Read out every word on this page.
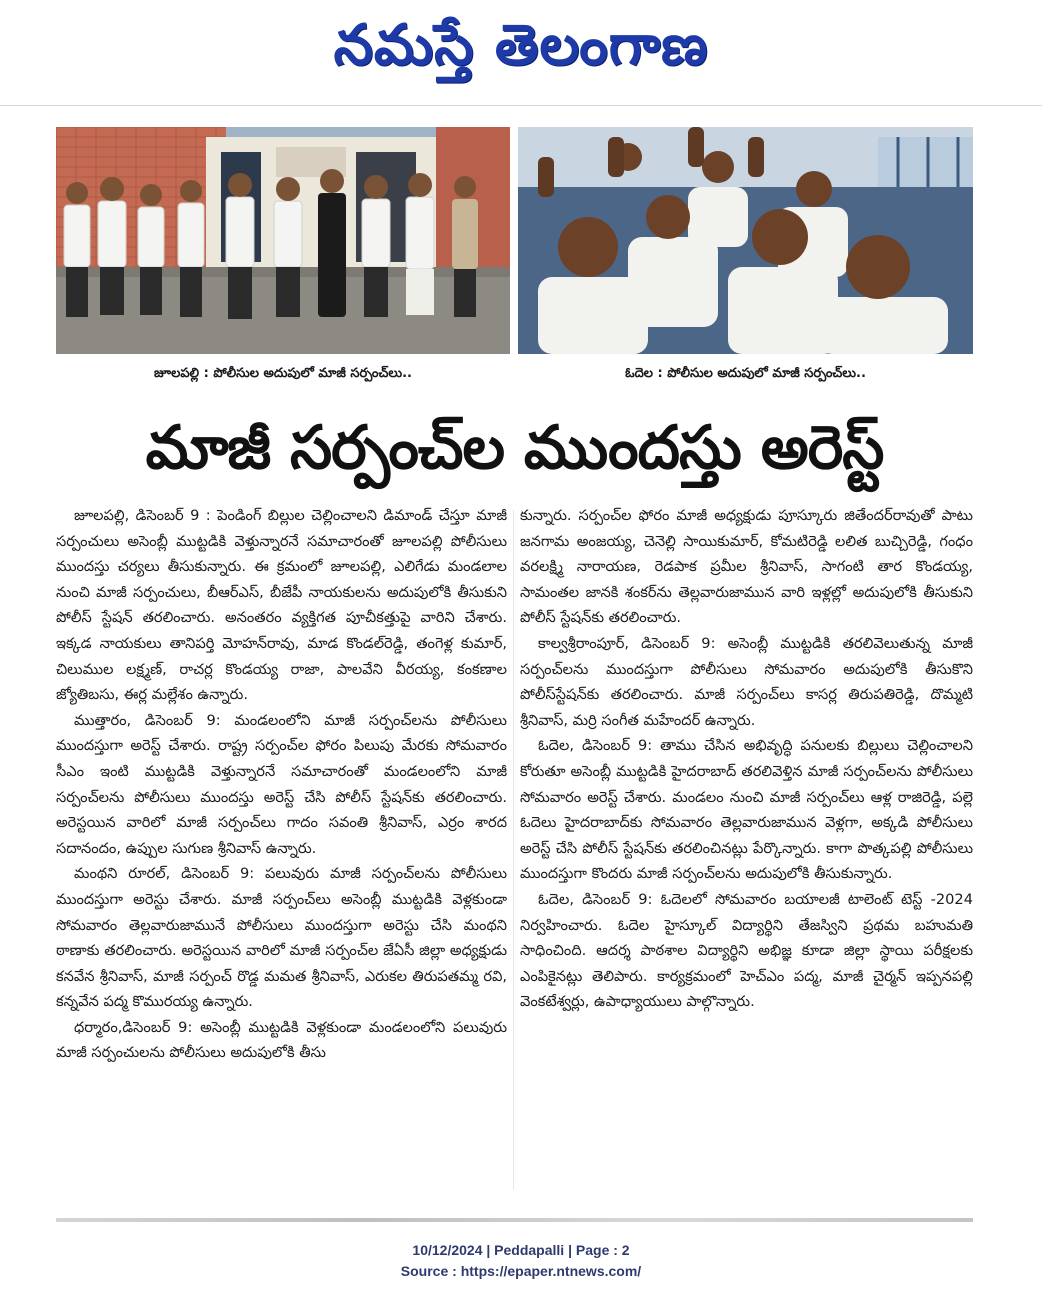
నమస్తే తెలంగాణ
జూలపల్లి : పోలీసుల అదుపులో మాజీ సర్పంచ్‌లు..	ఓదెల : పోలీసుల అదుపులో మాజీ సర్పంచ్‌లు..
మాజీ సర్పంచ్‌ల ముందస్తు అరెస్ట్‌

జూలపల్లి, డిసెంబర్‌ 9 : పెండింగ్‌ బిల్లుల చెల్లించాలని డిమాండ్‌ చేస్తూ మాజీ సర్పంచులు అసెంబ్లీ ముట్టడికి వెళ్తున్నారనే సమాచారంతో జూలపల్లి పోలీసులు ముందస్తు చర్యలు తీసుకున్నారు. ఈ క్రమంలో జూలపల్లి, ఎలిగేడు మండలాల నుంచి మాజీ సర్పంచులు, బీఆర్‌ఎస్‌, బీజేపీ నాయకులను అదుపులోకి తీసుకుని పోలీస్‌ స్టేషన్‌ తరలించారు. అనంతరం వ్యక్తిగత పూచీకత్తుపై వారిని చేశారు. ఇక్కడ నాయకులు తానిపర్తి మోహన్‌రావు, మాడ కొండల్‌రెడ్డి, తంగెళ్ల కుమార్‌, చిలుముల లక్ష్మణ్‌, రాచర్ల కొండయ్య రాజా, పాలవేని వీరయ్య, కంకణాల జ్యోతిబసు, ఈర్ల మల్లేశం ఉన్నారు.

ముత్తారం, డిసెంబర్‌ 9: మండలంలోని మాజీ సర్పంచ్‌లను పోలీసులు ముందస్తుగా అరెస్ట్‌ చేశారు. రాష్ట్ర సర్పంచ్‌ల ఫోరం పిలుపు మేరకు సోమవారం సీఎం ఇంటి ముట్టడికి వెళ్తున్నారనే సమాచారంతో మండలంలోని మాజీ సర్పంచ్‌లను పోలీసులు ముందస్తు అరెస్ట్‌ చేసి పోలీస్‌ స్టేషన్‌కు తరలించారు. అరెస్టయిన వారిలో మాజీ సర్పంచ్‌లు గాదం సవంతి శ్రీనివాస్‌, ఎర్రం శారద సదానందం, ఉప్పుల సుగుణ శ్రీనివాస్‌ ఉన్నారు.

మంథని రూరల్‌, డిసెంబర్‌ 9: పలువురు మాజీ సర్పంచ్‌లను పోలీసులు ముందస్తుగా అరెస్టు చేశారు. మాజీ సర్పంచ్‌లు అసెంబ్లీ ముట్టడికి వెళ్లకుండా సోమవారం తెల్లవారుజామునే పోలీసులు ముందస్తుగా అరెస్టు చేసి మంథని ఠాణాకు తరలించారు. అరెస్టయిన వారిలో మాజీ సర్పంచ్‌ల జేఏసీ జిల్లా అధ్యక్షుడు కనవేన శ్రీనివాస్‌, మాజీ సర్పంచ్‌ రొడ్డ మమత శ్రీనివాస్‌, ఎరుకల తిరుపతమ్మ రవి, కన్నవేన పద్మ కొమురయ్య ఉన్నారు.

ధర్మారం,డిసెంబర్‌ 9: అసెంబ్లీ ముట్టడికి వెళ్లకుండా మండలంలోని పలువురు మాజీ సర్పంచులను పోలీసులు అదుపులోకి తీసు

కున్నారు. సర్పంచ్‌ల ఫోరం మాజీ అధ్యక్షుడు పూస్కూరు జితేందర్‌రావుతో పాటు జనగామ అంజయ్య, చెనెల్లి సాయికుమార్‌, కోమటిరెడ్డి లలిత బుచ్చిరెడ్డి, గంధం వరలక్ష్మి నారాయణ, రెడపాక ప్రమీల శ్రీనివాస్‌, సాగంటి తార కొండయ్య, సామంతల జానకి శంకర్‌ను తెల్లవారుజామున వారి ఇళ్లల్లో అదుపులోకి తీసుకుని పోలీస్‌ స్టేషన్‌కు తరలించారు.

కాల్వశ్రీరాంపూర్‌, డిసెంబర్‌ 9: అసెంబ్లీ ముట్టడికి తరలివెలుతున్న మాజీ సర్పంచ్‌లను ముందస్తుగా పోలీసులు సోమవారం అదుపులోకి తీసుకొని పోలీస్‌స్టేషన్‌కు తరలించారు. మాజీ సర్పంచ్‌లు కాసర్ల తిరుపతిరెడ్డి, దొమ్మటి శ్రీనివాస్‌, మర్రి సంగీత మహేందర్‌ ఉన్నారు.

ఓదెల, డిసెంబర్‌ 9: తాము చేసిన అభివృద్ధి పనులకు బిల్లులు చెల్లించాలని కోరుతూ అసెంబ్లీ ముట్టడికి హైదరాబాద్‌ తరలివెళ్తిన మాజీ సర్పంచ్‌లను పోలీసులు సోమవారం అరెస్ట్‌ చేశారు. మండలం నుంచి మాజీ సర్పంచ్‌లు ఆళ్ల రాజిరెడ్డి, పల్లె ఓదెలు హైదరాబాద్‌కు సోమవారం తెల్లవారుజామున వెళ్లగా, అక్కడి పోలీసులు అరెస్ట్‌ చేసి పోలీస్‌ స్టేషన్‌కు తరలించినట్లు పేర్కొన్నారు. కాగా పొత్కపల్లి పోలీసులు ముందస్తుగా కొందరు మాజీ సర్పంచ్‌లను అదుపులోకి తీసుకున్నారు.

ఓదెల, డిసెంబర్‌ 9: ఓదెలలో సోమవారం బయాలజీ టాలెంట్‌ టెస్ట్‌ -2024 నిర్వహించారు. ఓదెల హైస్కూల్‌ విద్యార్థిని తేజస్విని ప్రథమ బహుమతి సాధించింది. ఆదర్శ పాఠశాల విద్యార్థిని అభిజ్ఞ కూడా జిల్లా స్థాయి పరీక్షలకు ఎంపికైనట్లు తెలిపారు. కార్యక్రమంలో హెచ్‌ఎం పద్మ, మాజీ చైర్మన్‌ ఇప్పనపల్లి వెంకటేశ్వర్లు, ఉపాధ్యాయులు పాల్గొన్నారు.

10/12/2024 | Peddapalli | Page : 2
Source : https://epaper.ntnews.com/
